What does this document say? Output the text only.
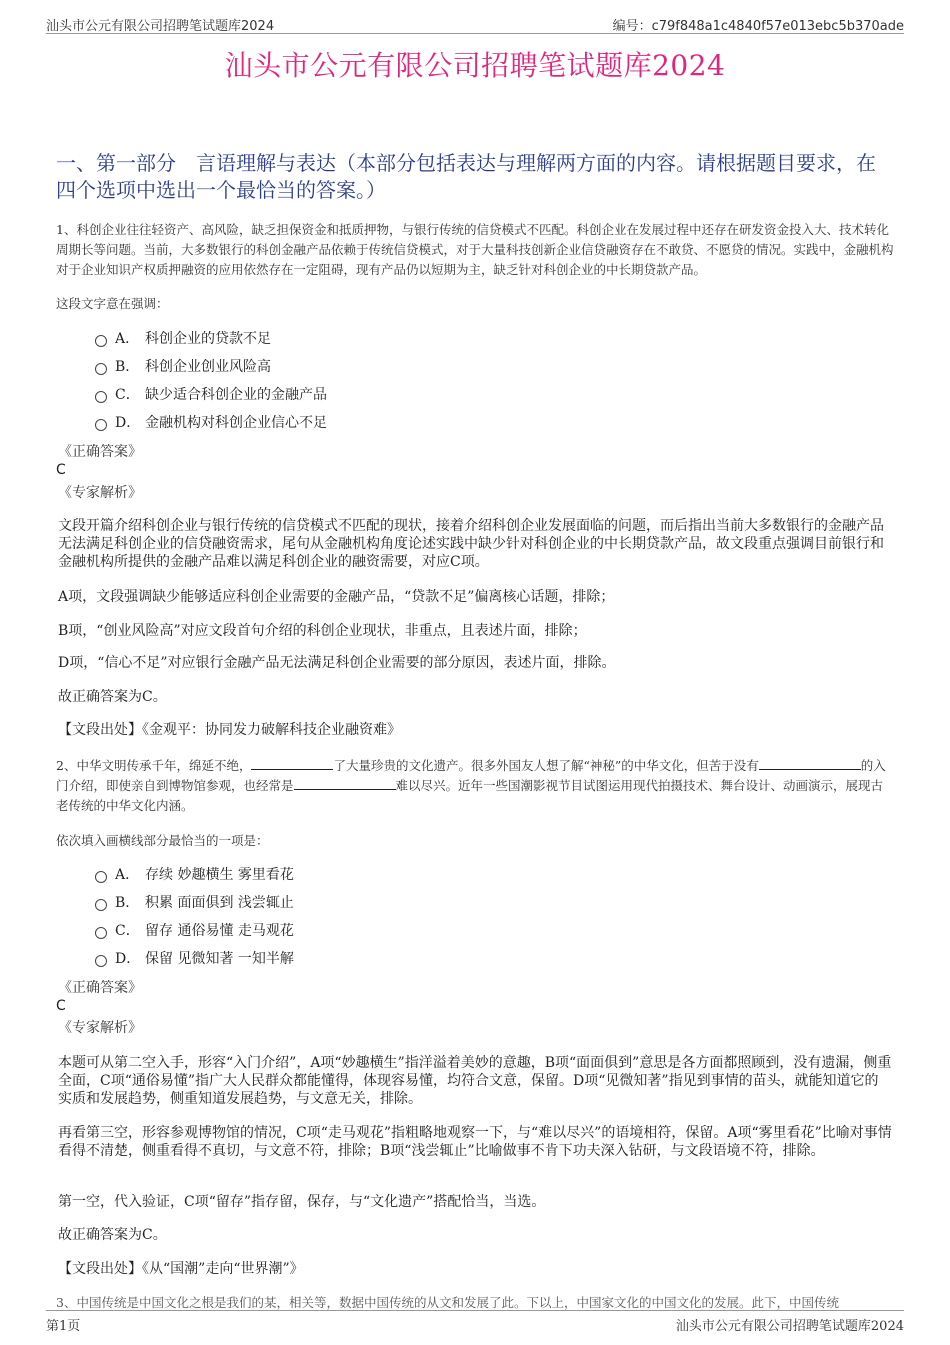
汕头市公元有限公司招聘笔试题库2024	编号：c79f848a1c4840f57e013ebc5b370ade
汕头市公元有限公司招聘笔试题库2024
一、第一部分　言语理解与表达（本部分包括表达与理解两方面的内容。请根据题目要求，在四个选项中选出一个最恰当的答案。）
1、科创企业往往轻资产、高风险，缺乏担保资金和抵质押物，与银行传统的信贷模式不匹配。科创企业在发展过程中还存在研发资金投入大、技术转化周期长等问题。当前，大多数银行的科创金融产品依赖于传统信贷模式，对于大量科技创新企业信贷融资存在不敢贷、不愿贷的情况。实践中，金融机构对于企业知识产权质押融资的应用依然存在一定阻碍，现有产品仍以短期为主，缺乏针对科创企业的中长期贷款产品。
这段文字意在强调：
A． 科创企业的贷款不足
B． 科创企业创业风险高
C． 缺少适合科创企业的金融产品
D． 金融机构对科创企业信心不足
《正确答案》
C
《专家解析》
文段开篇介绍科创企业与银行传统的信贷模式不匹配的现状，接着介绍科创企业发展面临的问题，而后指出当前大多数银行的金融产品无法满足科创企业的信贷融资需求，尾句从金融机构角度论述实践中缺少针对科创企业的中长期贷款产品，故文段重点强调目前银行和金融机构所提供的金融产品难以满足科创企业的融资需要，对应C项。
A项，文段强调缺少能够适应科创企业需要的金融产品，“贷款不足”偏离核心话题，排除；
B项，“创业风险高”对应文段首句介绍的科创企业现状，非重点，且表述片面，排除；
D项，“信心不足”对应银行金融产品无法满足科创企业需要的部分原因，表述片面，排除。
故正确答案为C。
【文段出处】《金观平：协同发力破解科技企业融资难》
2、中华文明传承千年，绵延不绝，	了大量珍贵的文化遗产。很多外国友人想了解“神秘”的中华文化，但苦于没有	的入门介绍，即使亲自到博物馆参观，也经常是	难以尽兴。近年一些国潮影视节目试图运用现代拍摄技术、舞台设计、动画演示，展现古老传统的中华文化内涵。
依次填入画横线部分最恰当的一项是：
A． 存续 妙趣横生 雾里看花
B． 积累 面面俱到 浅尝辄止
C． 留存 通俗易懂 走马观花
D． 保留 见微知著 一知半解
《正确答案》
C
《专家解析》
本题可从第二空入手，形容“入门介绍”，A项“妙趣横生”指洋溢着美妙的意趣，B项“面面俱到”意思是各方面都照顾到，没有遗漏，侧重全面，C项“通俗易懂”指广大人民群众都能懂得，体现容易懂，均符合文意，保留。D项“见微知著”指见到事情的苗头，就能知道它的实质和发展趋势，侧重知道发展趋势，与文意无关，排除。
再看第三空，形容参观博物馆的情况，C项“走马观花”指粗略地观察一下，与“难以尽兴”的语境相符，保留。A项“雾里看花”比喻对事情看得不清楚，侧重看得不真切，与文意不符，排除；B项“浅尝辄止”比喻做事不肯下功夫深入钻研，与文段语境不符，排除。
第一空，代入验证，C项“留存”指存留，保存，与“文化遗产”搭配恰当，当选。
故正确答案为C。
【文段出处】《从“国潮”走向“世界潮”》
3、中国传统是中国文化之根是我们的某，相关等，数据中国传统的从文和发展了此。下以上，中国家文化的中国文化的发展。此下，中国传统
第1页	汕头市公元有限公司招聘笔试题库2024
